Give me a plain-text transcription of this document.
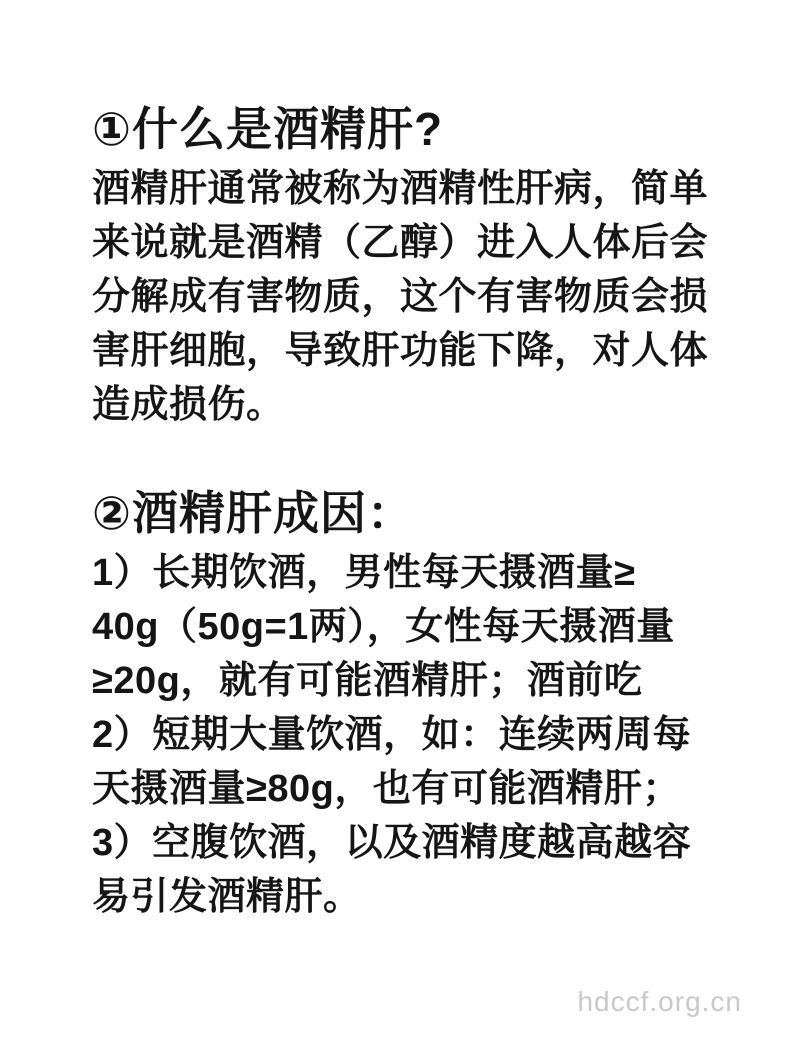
①什么是酒精肝?
酒精肝通常被称为酒精性肝病，简单
来说就是酒精（乙醇）进入人体后会
分解成有害物质，这个有害物质会损
害肝细胞，导致肝功能下降，对人体
造成损伤。
②酒精肝成因：
1）长期饮酒，男性每天摄酒量≥
40g（50g=1两），女性每天摄酒量
≥20g，就有可能酒精肝；酒前吃
2）短期大量饮酒，如：连续两周每
天摄酒量≥80g，也有可能酒精肝；
3）空腹饮酒，以及酒精度越高越容
易引发酒精肝。
hdccf.org.cn
